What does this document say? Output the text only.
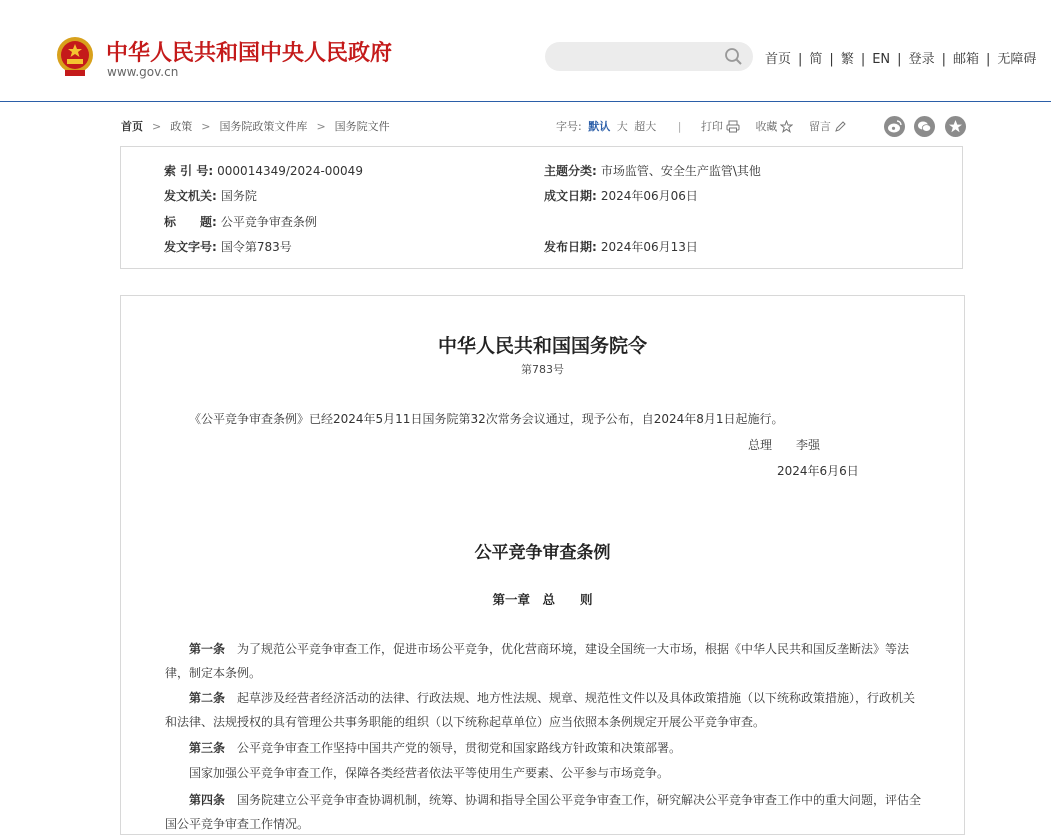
中华人民共和国中央人民政府
www.gov.cn
首页 | 简 | 繁 | EN | 登录 | 邮箱 | 无障碍
首页 > 政策 > 国务院政策文件库 > 国务院文件	字号: 默认 大 超大 | 打印	收藏	留言
索 引 号: 000014349/2024-00049	主题分类: 市场监管、安全生产监管\其他
发文机关: 国务院	成文日期: 2024年06月06日
标　　题: 公平竞争审查条例
发文字号: 国令第783号	发布日期: 2024年06月13日
中华人民共和国国务院令
第783号
《公平竞争审查条例》已经2024年5月11日国务院第32次常务会议通过，现予公布，自2024年8月1日起施行。
总理　　李强
2024年6月6日
公平竞争审查条例
第一章　总　　则
第一条 为了规范公平竞争审查工作，促进市场公平竞争，优化营商环境，建设全国统一大市场，根据《中华人民共和国反垄断法》等法律，制定本条例。
第二条 起草涉及经营者经济活动的法律、行政法规、地方性法规、规章、规范性文件以及具体政策措施（以下统称政策措施），行政机关和法律、法规授权的具有管理公共事务职能的组织（以下统称起草单位）应当依照本条例规定开展公平竞争审查。
第三条 公平竞争审查工作坚持中国共产党的领导，贯彻党和国家路线方针政策和决策部署。
国家加强公平竞争审查工作，保障各类经营者依法平等使用生产要素、公平参与市场竞争。
第四条 国务院建立公平竞争审查协调机制，统筹、协调和指导全国公平竞争审查工作，研究解决公平竞争审查工作中的重大问题，评估全国公平竞争审查工作情况。
